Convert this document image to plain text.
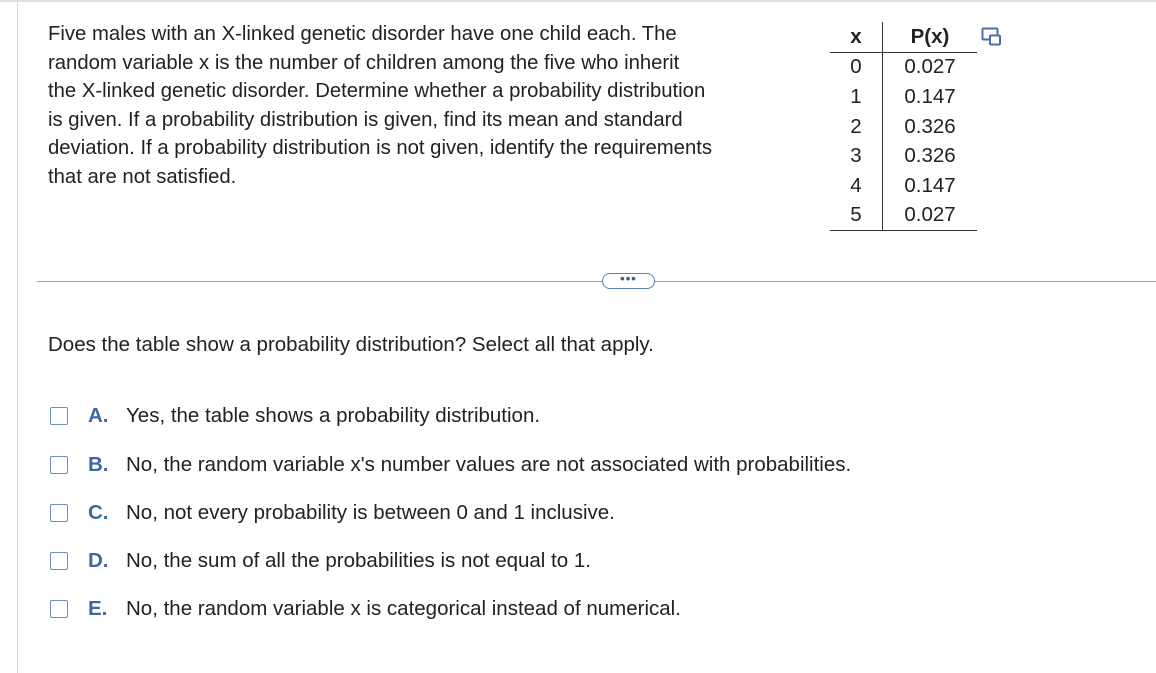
Five males with an X-linked genetic disorder have one child each. The
random variable x is the number of children among the five who inherit
the X-linked genetic disorder. Determine whether a probability distribution
is given. If a probability distribution is given, find its mean and standard
deviation. If a probability distribution is not given, identify the requirements
that are not satisfied.

x	P(x)
0	0.027
1	0.147
2	0.326
3	0.326
4	0.147
5	0.027
•••

Does the table show a probability distribution? Select all that apply.

A. Yes, the table shows a probability distribution.
B. No, the random variable x's number values are not associated with probabilities.
C. No, not every probability is between 0 and 1 inclusive.
D. No, the sum of all the probabilities is not equal to 1.
E. No, the random variable x is categorical instead of numerical.
